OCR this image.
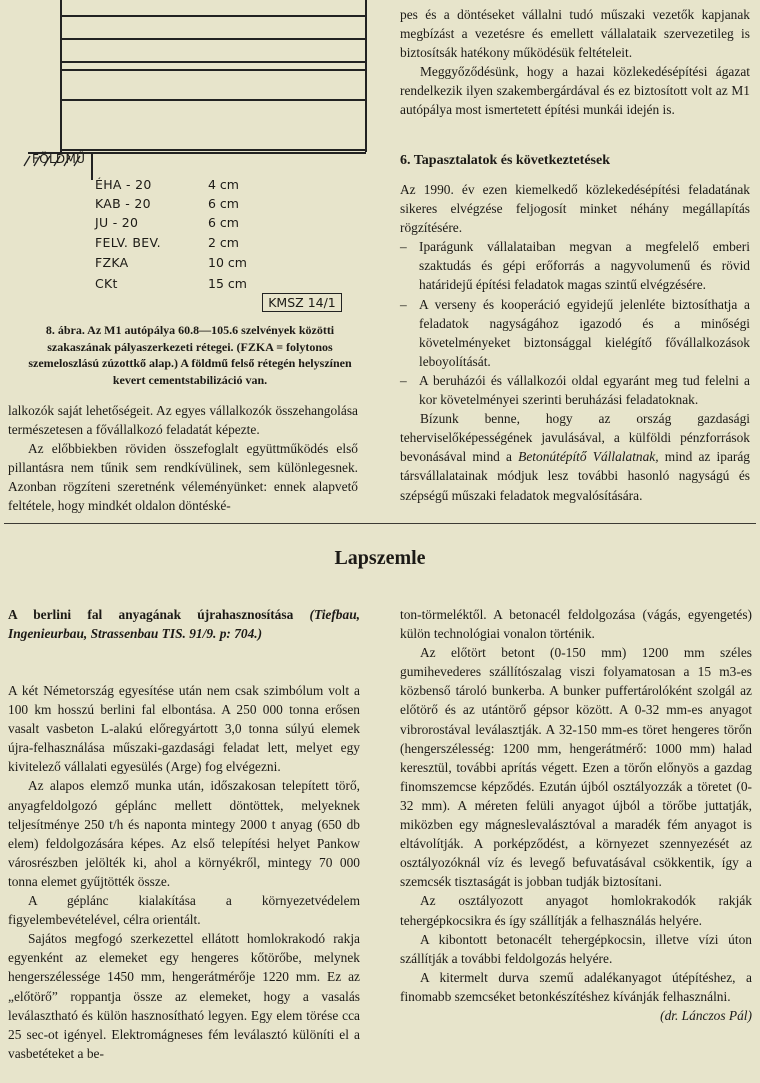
FÖLDMŰ
ÉHA - 20	4 cm
KAB - 20	6 cm
JU - 20	6 cm
FELV. BEV.	2 cm
FZKA	10 cm
CKt	15 cm
KMSZ 14/1
8. ábra. Az M1 autópálya 60.8—105.6 szelvények közötti szakaszának pályaszerkezeti rétegei. (FZKA = folytonos szemeloszlású zúzottkő alap.) A földmű felső rétegén helyszínen kevert cementstabilizáció van.

lalkozók saját lehetőségeit. Az egyes vállalkozók összehangolása természetesen a fővállalkozó feladatát képezte.

Az előbbiekben röviden összefoglalt együttműködés első pillantásra nem tűnik sem rendkívülinek, sem különlegesnek. Azonban rögzíteni szeretnénk véleményünket: ennek alapvető feltétele, hogy mindkét oldalon döntéské-

pes és a döntéseket vállalni tudó műszaki vezetők kapjanak megbízást a vezetésre és emellett vállalataik szervezetileg is biztosítsák hatékony működésük feltételeit.

Meggyőződésünk, hogy a hazai közlekedésépítési ágazat rendelkezik ilyen szakembergárdával és ez biztosított volt az M1 autópálya most ismertetett építési munkái idején is.

6. Tapasztalatok és következtetések

Az 1990. év ezen kiemelkedő közlekedésépítési feladatának sikeres elvégzése feljogosít minket néhány megállapítás rögzítésére.

– Iparágunk vállalataiban megvan a megfelelő emberi szaktudás és gépi erőforrás a nagyvolumenű és rövid határidejű építési feladatok magas szintű elvégzésére.
– A verseny és kooperáció egyidejű jelenléte biztosíthatja a feladatok nagyságához igazodó és a minőségi követelményeket biztonsággal kielégítő fővállalkozások leboyolítását.
– A beruházói és vállalkozói oldal egyaránt meg tud felelni a kor követelményei szerinti beruházási feladatoknak.

Bízunk benne, hogy az ország gazdasági teherviselőképességének javulásával, a külföldi pénzforrások bevonásával mind a Betonútépítő Vállalatnak, mind az iparág társvállalatainak módjuk lesz további hasonló nagyságú és szépségű műszaki feladatok megvalósítására.

Lapszemle
A berlini fal anyagának újrahasznosítása (Tiefbau, Ingenieurbau, Strassenbau TIS. 91/9. p: 704.)

A két Németország egyesítése után nem csak szimbólum volt a 100 km hosszú berlini fal elbontása. A 250 000 tonna erősen vasalt vasbeton L-alakú előregyártott 3,0 tonna súlyú elemek újra-felhasználása műszaki-gazdasági feladat lett, melyet egy kivitelező vállalati egyesülés (Arge) fog elvégezni.

Az alapos elemző munka után, időszakosan telepített törő, anyagfeldolgozó géplánc mellett döntöttek, melyeknek teljesítménye 250 t/h és naponta mintegy 2000 t anyag (650 db elem) feldolgozására képes. Az első telepítési helyet Pankow városrészben jelölték ki, ahol a környékről, mintegy 70 000 tonna elemet gyűjtötték össze.

A géplánc kialakítása a környezetvédelem figyelembevételével, célra orientált.

Sajátos megfogó szerkezettel ellátott homlokrakodó rakja egyenként az elemeket egy hengeres kőtörőbe, melynek hengerszélessége 1450 mm, hengerátmérője 1220 mm. Ez az „előtörő” roppantja össze az elemeket, hogy a vasalás leválasztható és külön hasznosítható legyen. Egy elem törése cca 25 sec-ot igényel. Elektromágneses fém leválasztó különíti el a vasbetéteket a be-

ton-törmeléktől. A betonacél feldolgozása (vágás, egyengetés) külön technológiai vonalon történik.

Az előtört betont (0-150 mm) 1200 mm széles gumihevederes szállítószalag viszi folyamatosan a 15 m3-es közbenső tároló bunkerba. A bunker puffertárolóként szolgál az előtörő és az utántörő gépsor között. A 0-32 mm-es anyagot vibrorostával leválasztják. A 32-150 mm-es töret hengeres törőn (hengerszélesség: 1200 mm, hengerátmérő: 1000 mm) halad keresztül, további aprítás végett. Ezen a törőn előnyös a gazdag finomszemcse képződés. Ezután újból osztályozzák a töretet (0-32 mm). A méreten felüli anyagot újból a törőbe juttatják, miközben egy mágneslevalásztóval a maradék fém anyagot is eltávolítják. A porképződést, a környezet szennyezését az osztályozóknál víz és levegő befuvatásával csökkentik, így a szemcsék tisztaságát is jobban tudják biztosítani.

Az osztályozott anyagot homlokrakodók rakják tehergépkocsikra és így szállítják a felhasználás helyére.

A kibontott betonacélt tehergépkocsin, illetve vízi úton szállítják a további feldolgozás helyére.

A kitermelt durva szemű adalékanyagot útépítéshez, a finomabb szemcséket betonkészítéshez kívánják felhasználni.

(dr. Lánczos Pál)
